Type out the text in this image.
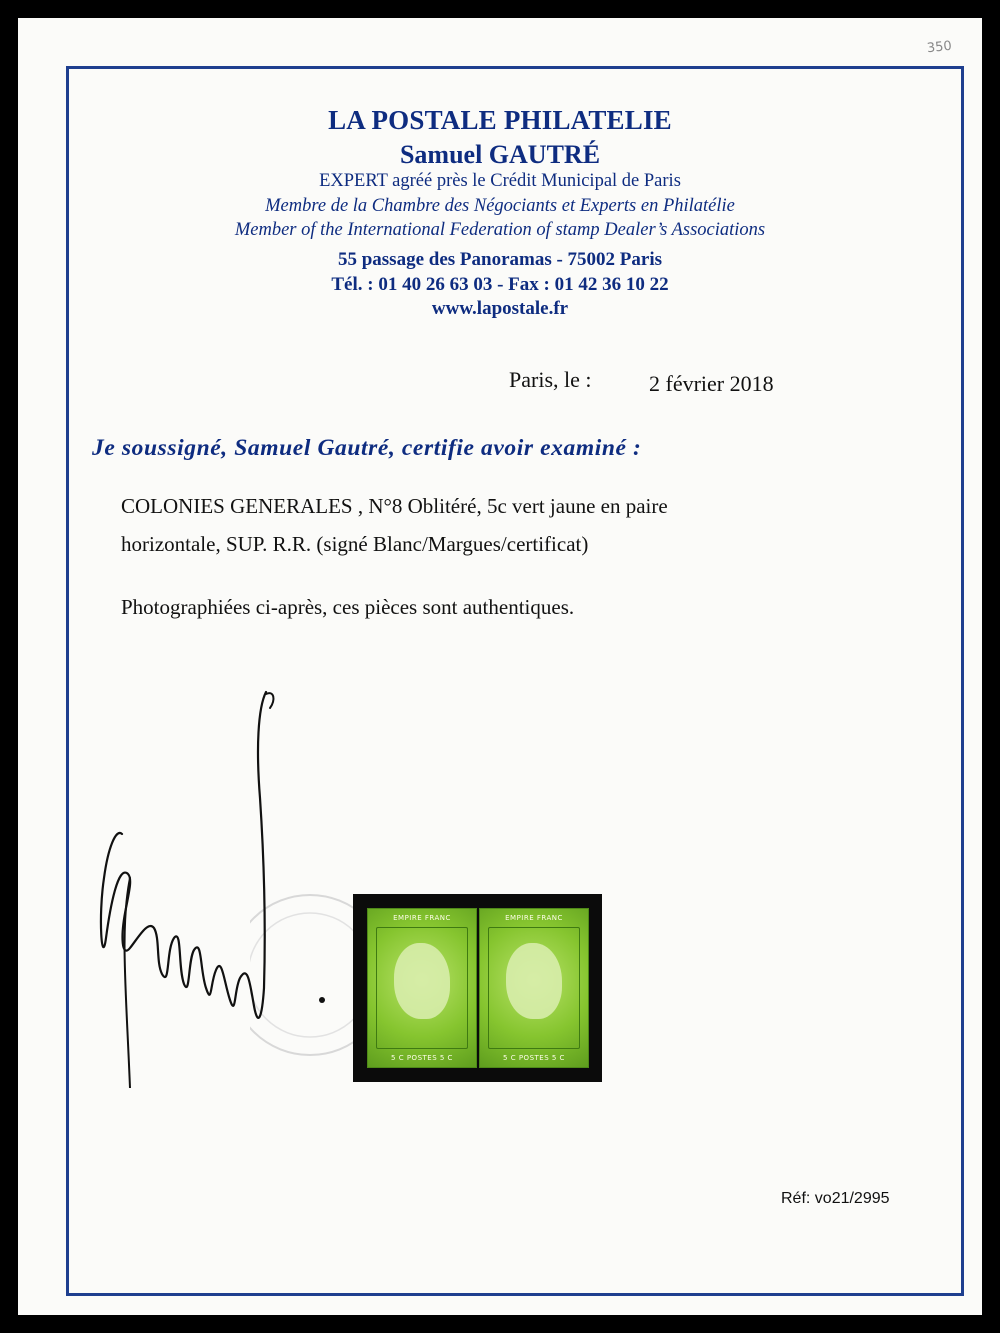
350
LA POSTALE PHILATELIE
Samuel GAUTRÉ
EXPERT agréé près le Crédit Municipal de Paris
Membre de la Chambre des Négociants et Experts en Philatélie
Member of the International Federation of stamp Dealer’s Associations
55 passage des Panoramas - 75002 Paris
Tél. : 01 40 26 63 03 - Fax : 01 42 36 10 22
www.lapostale.fr
Paris, le :	2 février 2018
Je soussigné, Samuel Gautré, certifie avoir examiné :
COLONIES GENERALES , N°8 Oblitéré, 5c vert jaune en paire
horizontale, SUP. R.R. (signé Blanc/Margues/certificat)
Photographiées ci-après, ces pièces sont authentiques.
EMPIRE FRANC
5 C POSTES 5 C
EMPIRE FRANC
5 C POSTES 5 C
Réf: vo21/2995
